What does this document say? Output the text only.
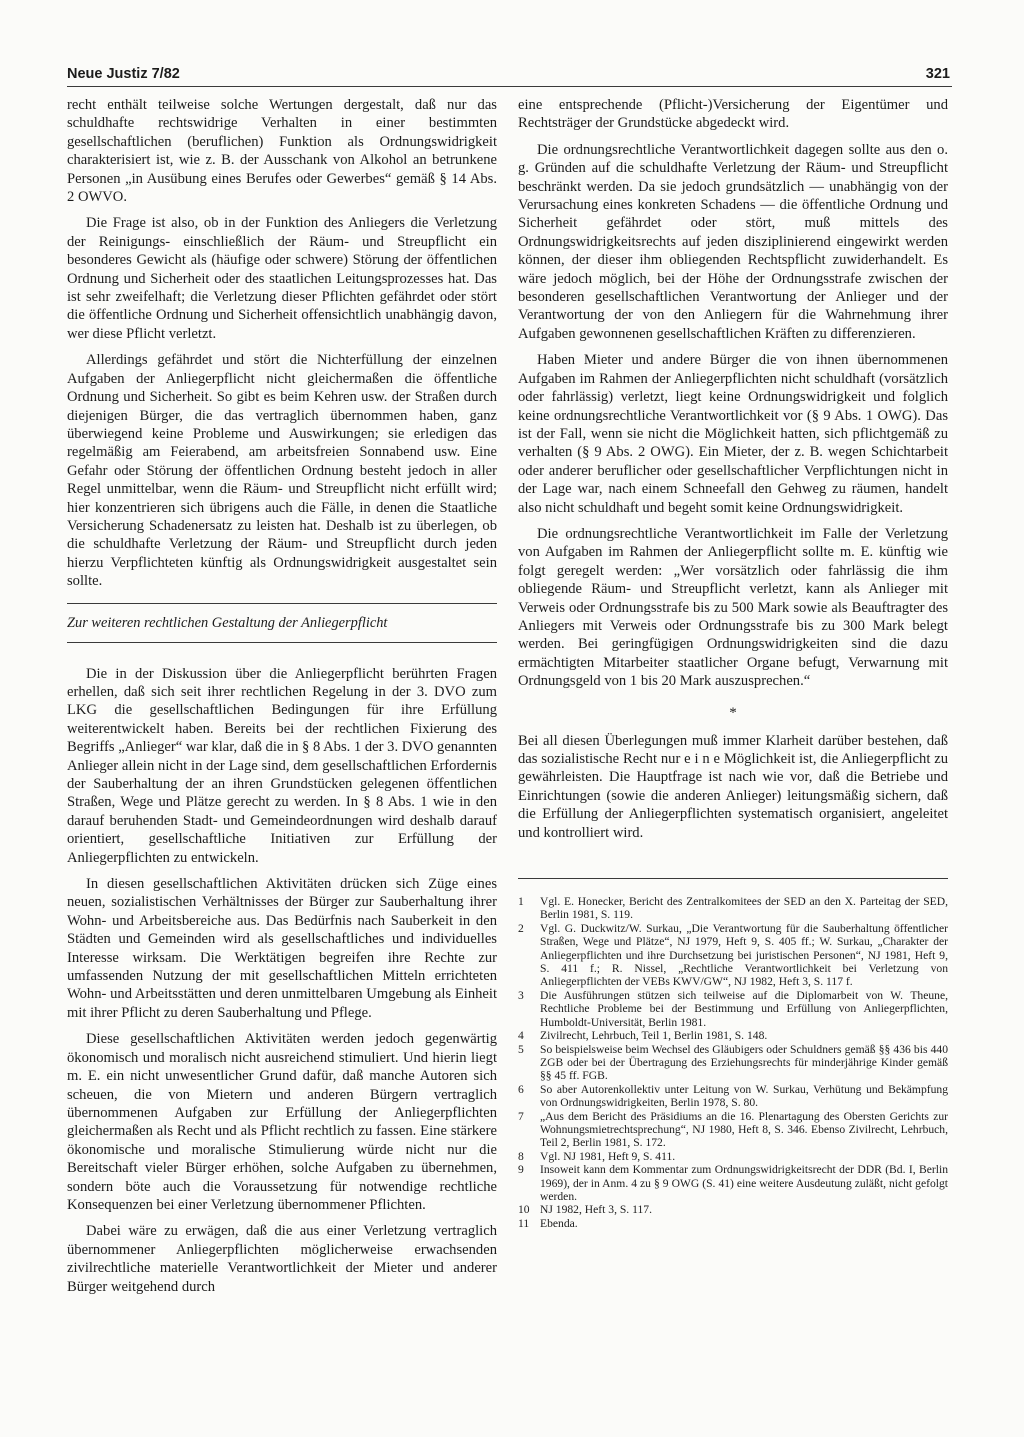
Neue Justiz 7/82	321

recht enthält teilweise solche Wertungen dergestalt, daß nur das schuldhafte rechtswidrige Verhalten in einer bestimmten gesellschaftlichen (beruflichen) Funktion als Ordnungswidrigkeit charakterisiert ist, wie z. B. der Ausschank von Alkohol an betrunkene Personen „in Ausübung eines Berufes oder Gewerbes“ gemäß § 14 Abs. 2 OWVO.

Die Frage ist also, ob in der Funktion des Anliegers die Verletzung der Reinigungs- einschließlich der Räum- und Streupflicht ein besonderes Gewicht als (häufige oder schwere) Störung der öffentlichen Ordnung und Sicherheit oder des staatlichen Leitungsprozesses hat. Das ist sehr zweifelhaft; die Verletzung dieser Pflichten gefährdet oder stört die öffentliche Ordnung und Sicherheit offensichtlich unabhängig davon, wer diese Pflicht verletzt.

Allerdings gefährdet und stört die Nichterfüllung der einzelnen Aufgaben der Anliegerpflicht nicht gleichermaßen die öffentliche Ordnung und Sicherheit. So gibt es beim Kehren usw. der Straßen durch diejenigen Bürger, die das vertraglich übernommen haben, ganz überwiegend keine Probleme und Auswirkungen; sie erledigen das regelmäßig am Feierabend, am arbeitsfreien Sonnabend usw. Eine Gefahr oder Störung der öffentlichen Ordnung besteht jedoch in aller Regel unmittelbar, wenn die Räum- und Streupflicht nicht erfüllt wird; hier konzentrieren sich übrigens auch die Fälle, in denen die Staatliche Versicherung Schadenersatz zu leisten hat. Deshalb ist zu überlegen, ob die schuldhafte Verletzung der Räum- und Streupflicht durch jeden hierzu Verpflichteten künftig als Ordnungswidrigkeit ausgestaltet sein sollte.

Zur weiteren rechtlichen Gestaltung der Anliegerpflicht

Die in der Diskussion über die Anliegerpflicht berührten Fragen erhellen, daß sich seit ihrer rechtlichen Regelung in der 3. DVO zum LKG die gesellschaftlichen Bedingungen für ihre Erfüllung weiterentwickelt haben. Bereits bei der rechtlichen Fixierung des Begriffs „Anlieger“ war klar, daß die in § 8 Abs. 1 der 3. DVO genannten Anlieger allein nicht in der Lage sind, dem gesellschaftlichen Erfordernis der Sauberhaltung der an ihren Grundstücken gelegenen öffentlichen Straßen, Wege und Plätze gerecht zu werden. In § 8 Abs. 1 wie in den darauf beruhenden Stadt- und Gemeindeordnungen wird deshalb darauf orientiert, gesellschaftliche Initiativen zur Erfüllung der Anliegerpflichten zu entwickeln.

In diesen gesellschaftlichen Aktivitäten drücken sich Züge eines neuen, sozialistischen Verhältnisses der Bürger zur Sauberhaltung ihrer Wohn- und Arbeitsbereiche aus. Das Bedürfnis nach Sauberkeit in den Städten und Gemeinden wird als gesellschaftliches und individuelles Interesse wirksam. Die Werktätigen begreifen ihre Rechte zur umfassenden Nutzung der mit gesellschaftlichen Mitteln errichteten Wohn- und Arbeitsstätten und deren unmittelbaren Umgebung als Einheit mit ihrer Pflicht zu deren Sauberhaltung und Pflege.

Diese gesellschaftlichen Aktivitäten werden jedoch gegenwärtig ökonomisch und moralisch nicht ausreichend stimuliert. Und hierin liegt m. E. ein nicht unwesentlicher Grund dafür, daß manche Autoren sich scheuen, die von Mietern und anderen Bürgern vertraglich übernommenen Aufgaben zur Erfüllung der Anliegerpflichten gleichermaßen als Recht und als Pflicht rechtlich zu fassen. Eine stärkere ökonomische und moralische Stimulierung würde nicht nur die Bereitschaft vieler Bürger erhöhen, solche Aufgaben zu übernehmen, sondern böte auch die Voraussetzung für notwendige rechtliche Konsequenzen bei einer Verletzung übernommener Pflichten.

Dabei wäre zu erwägen, daß die aus einer Verletzung vertraglich übernommener Anliegerpflichten möglicherweise erwachsenden zivilrechtliche materielle Verantwortlichkeit der Mieter und anderer Bürger weitgehend durch

eine entsprechende (Pflicht-)Versicherung der Eigentümer und Rechtsträger der Grundstücke abgedeckt wird.

Die ordnungsrechtliche Verantwortlichkeit dagegen sollte aus den o. g. Gründen auf die schuldhafte Verletzung der Räum- und Streupflicht beschränkt werden. Da sie jedoch grundsätzlich — unabhängig von der Verursachung eines konkreten Schadens — die öffentliche Ordnung und Sicherheit gefährdet oder stört, muß mittels des Ordnungswidrigkeitsrechts auf jeden disziplinierend eingewirkt werden können, der dieser ihm obliegenden Rechtspflicht zuwiderhandelt. Es wäre jedoch möglich, bei der Höhe der Ordnungsstrafe zwischen der besonderen gesellschaftlichen Verantwortung der Anlieger und der Verantwortung der von den Anliegern für die Wahrnehmung ihrer Aufgaben gewonnenen gesellschaftlichen Kräften zu differenzieren.

Haben Mieter und andere Bürger die von ihnen übernommenen Aufgaben im Rahmen der Anliegerpflichten nicht schuldhaft (vorsätzlich oder fahrlässig) verletzt, liegt keine Ordnungswidrigkeit und folglich keine ordnungsrechtliche Verantwortlichkeit vor (§ 9 Abs. 1 OWG). Das ist der Fall, wenn sie nicht die Möglichkeit hatten, sich pflichtgemäß zu verhalten (§ 9 Abs. 2 OWG). Ein Mieter, der z. B. wegen Schichtarbeit oder anderer beruflicher oder gesellschaftlicher Verpflichtungen nicht in der Lage war, nach einem Schneefall den Gehweg zu räumen, handelt also nicht schuldhaft und begeht somit keine Ordnungswidrigkeit.

Die ordnungsrechtliche Verantwortlichkeit im Falle der Verletzung von Aufgaben im Rahmen der Anliegerpflicht sollte m. E. künftig wie folgt geregelt werden: „Wer vorsätzlich oder fahrlässig die ihm obliegende Räum- und Streupflicht verletzt, kann als Anlieger mit Verweis oder Ordnungsstrafe bis zu 500 Mark sowie als Beauftragter des Anliegers mit Verweis oder Ordnungsstrafe bis zu 300 Mark belegt werden. Bei geringfügigen Ordnungswidrigkeiten sind die dazu ermächtigten Mitarbeiter staatlicher Organe befugt, Verwarnung mit Ordnungsgeld von 1 bis 20 Mark auszusprechen.“

*

Bei all diesen Überlegungen muß immer Klarheit darüber bestehen, daß das sozialistische Recht nur e i n e Möglichkeit ist, die Anliegerpflicht zu gewährleisten. Die Hauptfrage ist nach wie vor, daß die Betriebe und Einrichtungen (sowie die anderen Anlieger) leitungsmäßig sichern, daß die Erfüllung der Anliegerpflichten systematisch organisiert, angeleitet und kontrolliert wird.

1	Vgl. E. Honecker, Bericht des Zentralkomitees der SED an den X. Parteitag der SED, Berlin 1981, S. 119.
2	Vgl. G. Duckwitz/W. Surkau, „Die Verantwortung für die Sauberhaltung öffentlicher Straßen, Wege und Plätze“, NJ 1979, Heft 9, S. 405 ff.; W. Surkau, „Charakter der Anliegerpflichten und ihre Durchsetzung bei juristischen Personen“, NJ 1981, Heft 9, S. 411 f.; R. Nissel, „Rechtliche Verantwortlichkeit bei Verletzung von Anliegerpflichten der VEBs KWV/GW“, NJ 1982, Heft 3, S. 117 f.
3	Die Ausführungen stützen sich teilweise auf die Diplomarbeit von W. Theune, Rechtliche Probleme bei der Bestimmung und Erfüllung von Anliegerpflichten, Humboldt-Universität, Berlin 1981.
4	Zivilrecht, Lehrbuch, Teil 1, Berlin 1981, S. 148.
5	So beispielsweise beim Wechsel des Gläubigers oder Schuldners gemäß §§ 436 bis 440 ZGB oder bei der Übertragung des Erziehungsrechts für minderjährige Kinder gemäß §§ 45 ff. FGB.
6	So aber Autorenkollektiv unter Leitung von W. Surkau, Verhütung und Bekämpfung von Ordnungswidrigkeiten, Berlin 1978, S. 80.
7	„Aus dem Bericht des Präsidiums an die 16. Plenartagung des Obersten Gerichts zur Wohnungsmietrechtsprechung“, NJ 1980, Heft 8, S. 346. Ebenso Zivilrecht, Lehrbuch, Teil 2, Berlin 1981, S. 172.
8	Vgl. NJ 1981, Heft 9, S. 411.
9	Insoweit kann dem Kommentar zum Ordnungswidrigkeitsrecht der DDR (Bd. I, Berlin 1969), der in Anm. 4 zu § 9 OWG (S. 41) eine weitere Ausdeutung zuläßt, nicht gefolgt werden.
10 NJ 1982, Heft 3, S. 117.
11 Ebenda.
